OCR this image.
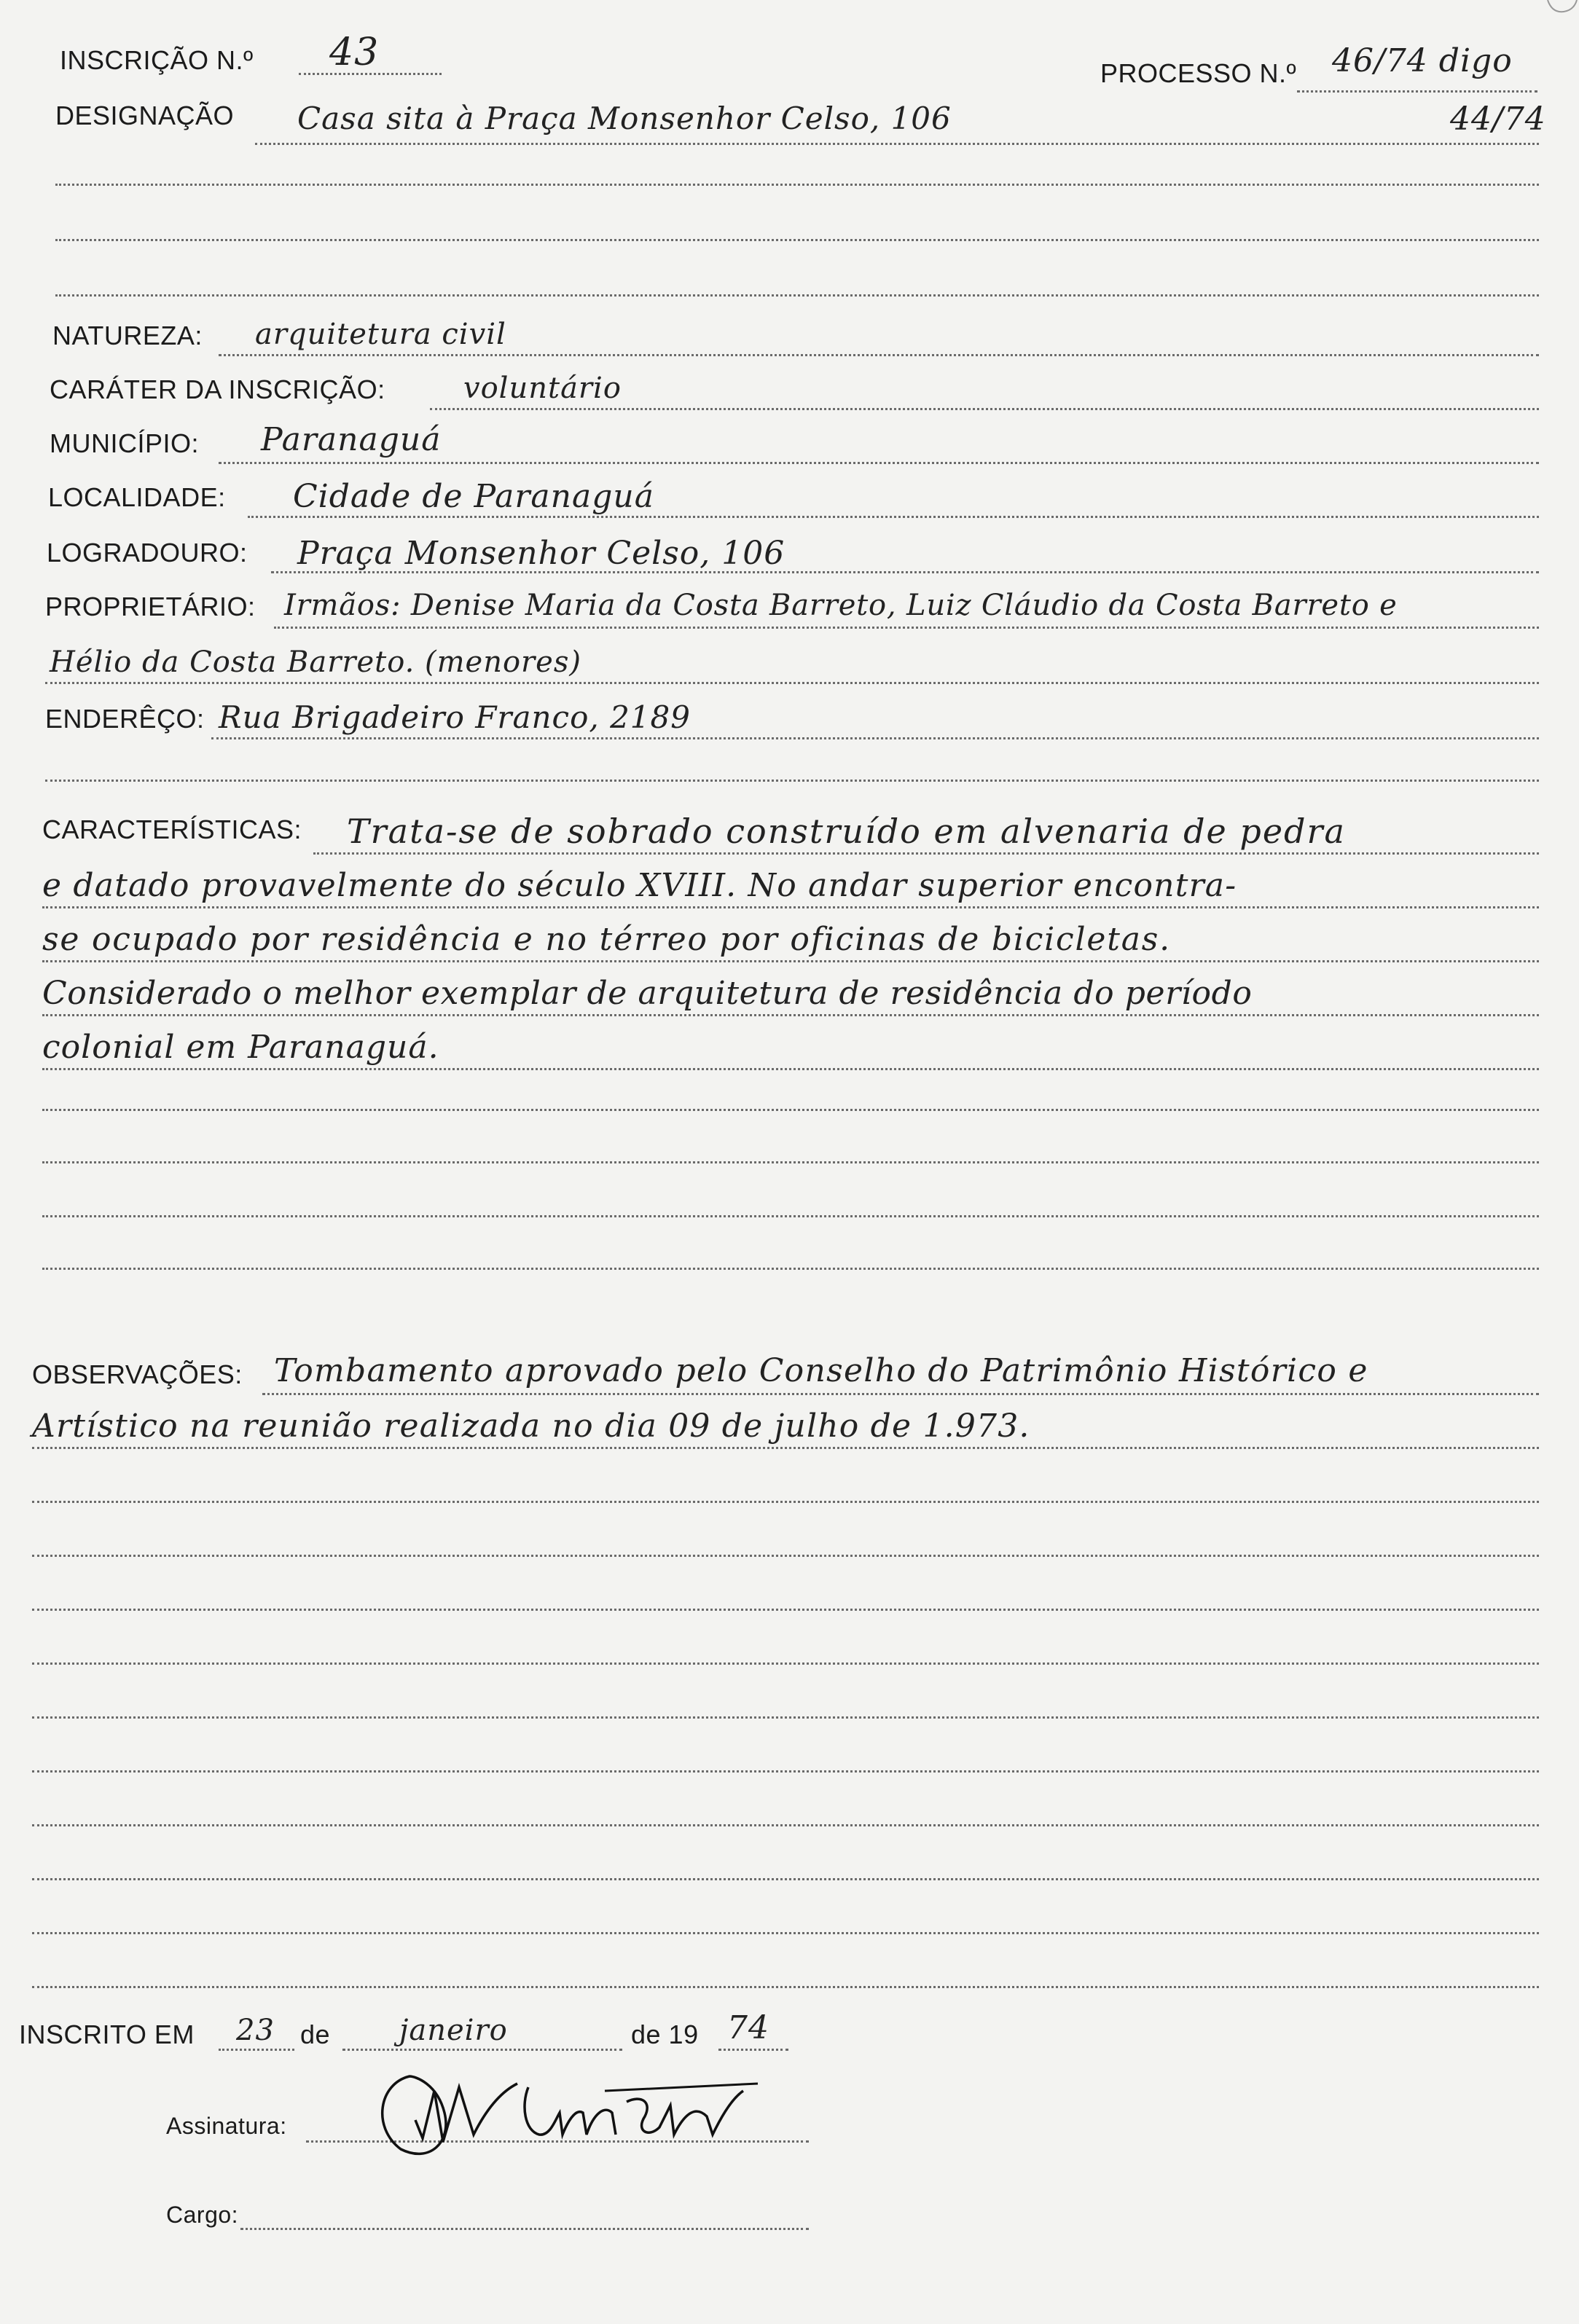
INSCRIÇÃO N.º 43	PROCESSO N.º 46/74 digo
DESIGNAÇÃO Casa sita à Praça Monsenhor Celso, 106	44/74
NATUREZA: arquitetura civil
CARÁTER DA INSCRIÇÃO:	voluntário
MUNICÍPIO: Paranaguá
LOCALIDADE: Cidade de Paranaguá
LOGRADOURO: Praça Monsenhor Celso, 106
PROPRIETÁRIO: Irmãos: Denise Maria da Costa Barreto, Luiz Cláudio da Costa Barreto e
Hélio da Costa Barreto. (menores)
ENDERÊÇO: Rua Brigadeiro Franco, 2189
CARACTERÍSTICAS: Trata-se de sobrado construído em alvenaria de pedra
e datado provavelmente do século XVIII. No andar superior encontra-
se ocupado por residência e no térreo por oficinas de bicicletas.
Considerado o melhor exemplar de arquitetura de residência do período
colonial em Paranaguá.
OBSERVAÇÕES: Tombamento aprovado pelo Conselho do Patrimônio Histórico e
Artístico na reunião realizada no dia 09 de julho de 1.973.
INSCRITO EM 23 de janeiro	de 19 74
Assinatura:
Cargo:
